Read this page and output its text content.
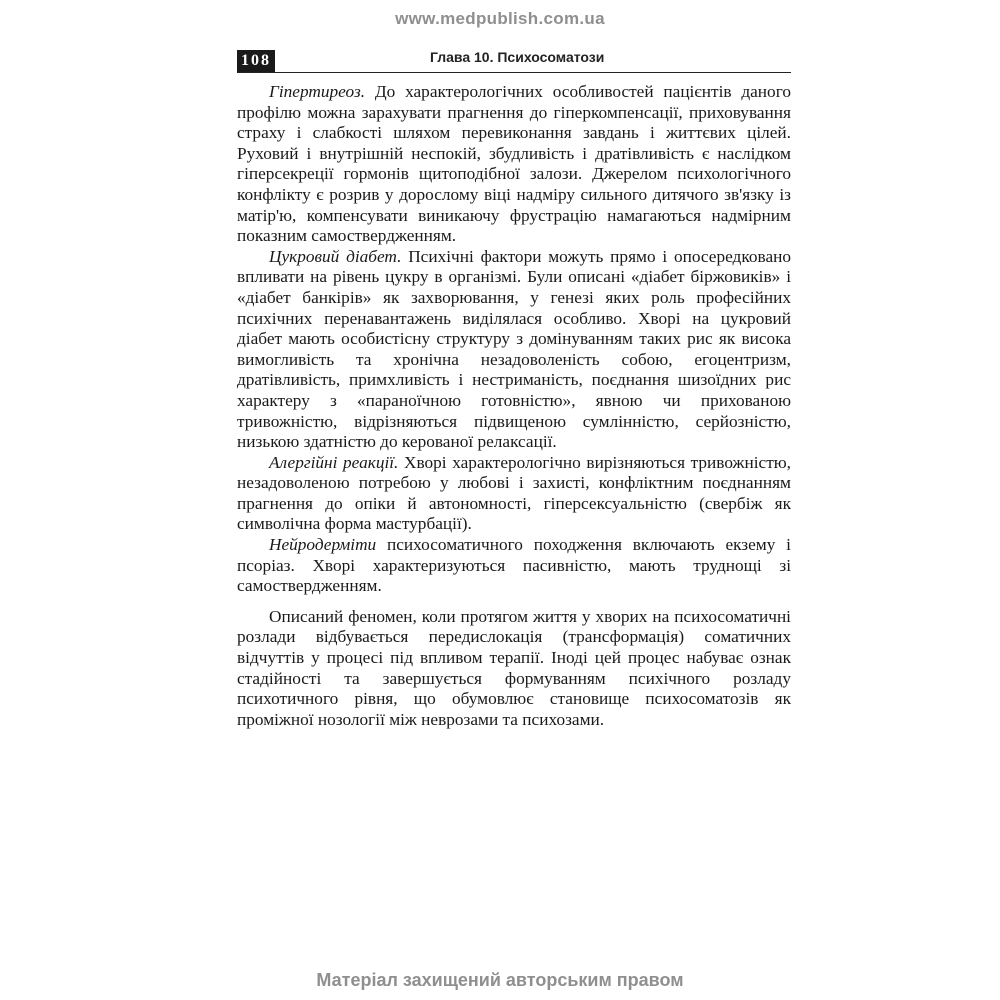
www.medpublish.com.ua
108	Глава 10. Психосоматози

Гіпертиреоз. До характерологічних особливостей пацієнтів даного профілю можна зарахувати прагнення до гіперкомпенсації, приховування страху і слабкості шляхом перевиконання завдань і життєвих цілей. Руховий і внутрішній неспокій, збудливість і дратівливість є наслідком гіперсекреції гормонів щитоподібної залози. Джерелом психологічного конфлікту є розрив у дорослому віці надміру сильного дитячого зв'язку із матір'ю, компенсувати виникаючу фрустрацію намагаються надмірним показним самоствердженням.

Цукровий діабет. Психічні фактори можуть прямо і опосередковано впливати на рівень цукру в організмі. Були описані «діабет біржовиків» і «діабет банкірів» як захворювання, у генезі яких роль професійних психічних перенавантажень виділялася особливо. Хворі на цукровий діабет мають особистісну структуру з домінуванням таких рис як висока вимогливість та хронічна незадоволеність собою, егоцентризм, дратівливість, примхливість і нестриманість, поєднання шизоїдних рис характеру з «параноїчною готовністю», явною чи прихованою тривожністю, відрізняються підвищеною сумлінністю, серйозністю, низькою здатністю до керованої релаксації.

Алергійні реакції. Хворі характерологічно вирізняються тривожністю, незадоволеною потребою у любові і захисті, конфліктним поєднанням прагнення до опіки й автономності, гіперсексуальністю (свербіж як символічна форма мастурбації).

Нейродерміти психосоматичного походження включають екзему і псоріаз. Хворі характеризуються пасивністю, мають труднощі зі самоствердженням.

Описаний феномен, коли протягом життя у хворих на психосоматичні розлади відбувається передислокація (трансформація) соматичних відчуттів у процесі під впливом терапії. Іноді цей процес набуває ознак стадійності та завершується формуванням психічного розладу психотичного рівня, що обумовлює становище психосоматозів як проміжної нозології між неврозами та психозами.

Матеріал захищений авторським правом
